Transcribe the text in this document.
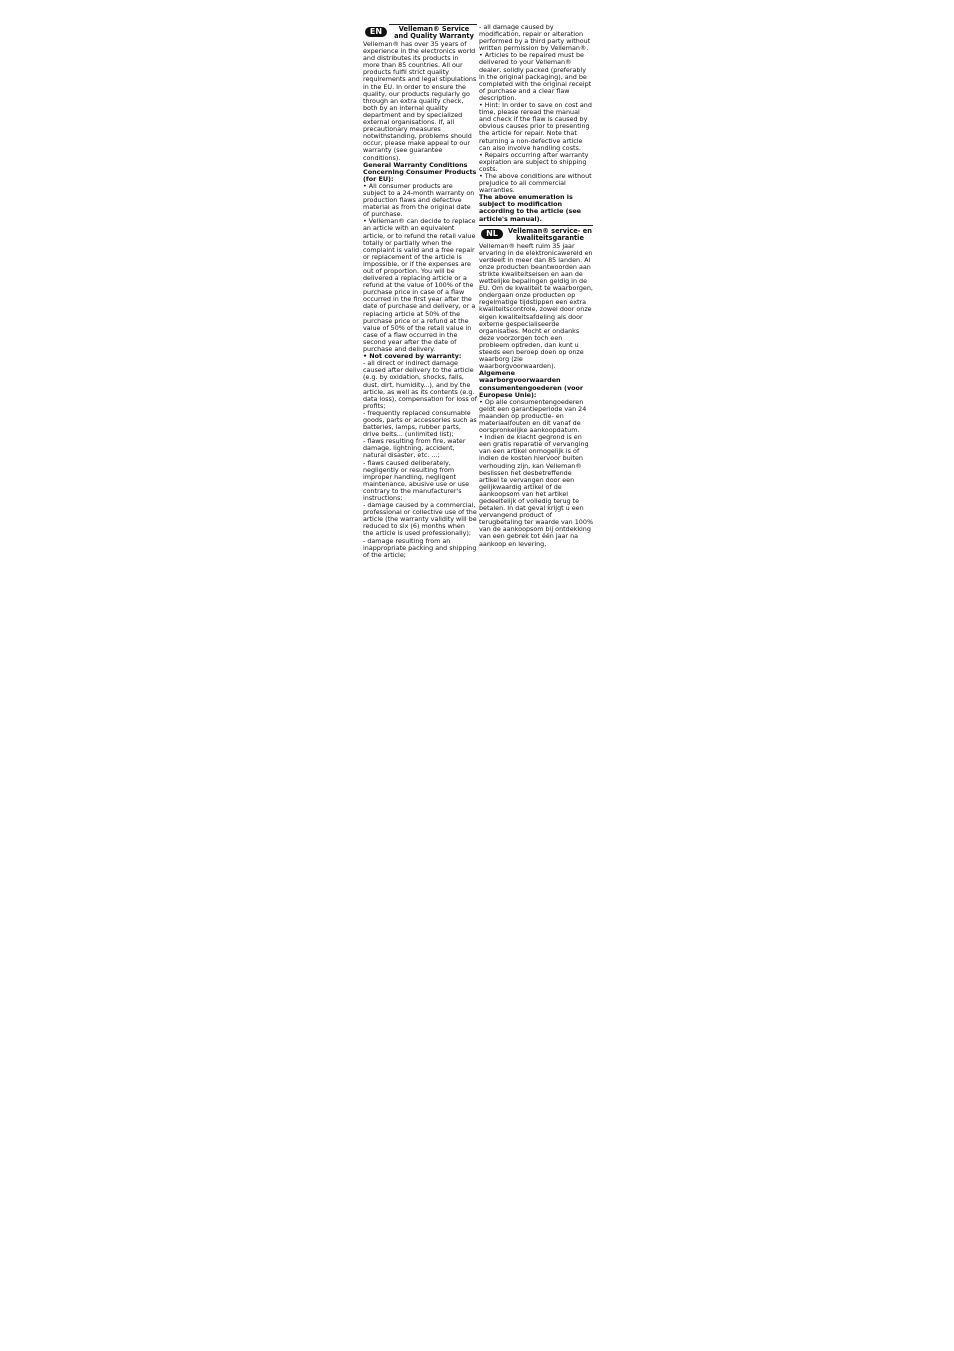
EN	Velleman® Service
and Quality Warranty

Velleman® has over 35 years of experience in the electronics world and distributes its products in more than 85 countries. All our products fulfil strict quality requirements and legal stipulations in the EU. In order to ensure the quality, our products regularly go through an extra quality check, both by an internal quality department and by specialized external organisations. If, all precautionary measures notwithstanding, problems should occur, please make appeal to our warranty (see guarantee conditions).

General Warranty Conditions Concerning Consumer Products (for EU):

• All consumer products are subject to a 24-month warranty on production flaws and defective material as from the original date of purchase.

• Velleman® can decide to replace an article with an equivalent article, or to refund the retail value totally or partially when the complaint is valid and a free repair or replacement of the article is impossible, or if the expenses are out of proportion. You will be delivered a replacing article or a refund at the value of 100% of the purchase price in case of a flaw occurred in the first year after the date of purchase and delivery, or a replacing article at 50% of the purchase price or a refund at the value of 50% of the retail value in case of a flaw occurred in the second year after the date of purchase and delivery.

• Not covered by warranty:

- all direct or indirect damage caused after delivery to the article (e.g. by oxidation, shocks, falls, dust, dirt, humidity...), and by the article, as well as its contents (e.g. data loss), compensation for loss of profits;

- frequently replaced consumable goods, parts or accessories such as batteries, lamps, rubber parts, drive belts... (unlimited list);

- flaws resulting from fire, water damage, lightning, accident, natural disaster, etc. ...;

- flaws caused deliberately, negligently or resulting from improper handling, negligent maintenance, abusive use or use contrary to the manufacturer's instructions;

- damage caused by a commercial, professional or collective use of the article (the warranty validity will be reduced to six (6) months when the article is used professionally);

- damage resulting from an inappropriate packing and shipping of the article;

- all damage caused by modification, repair or alteration performed by a third party without written permission by Velleman®.

• Articles to be repaired must be delivered to your Velleman® dealer, solidly packed (preferably in the original packaging), and be completed with the original receipt of purchase and a clear flaw description.

• Hint: In order to save on cost and time, please reread the manual and check if the flaw is caused by obvious causes prior to presenting the article for repair. Note that returning a non-defective article can also involve handling costs.

• Repairs occurring after warranty expiration are subject to shipping costs.

• The above conditions are without prejudice to all commercial warranties.

The above enumeration is subject to modification according to the article (see article's manual).

NL	Velleman® service- en
kwaliteitsgarantie

Velleman® heeft ruim 35 jaar ervaring in de elektronicawereld en verdeelt in meer dan 85 landen. Al onze producten beantwoorden aan strikte kwaliteitseisen en aan de wettelijke bepalingen geldig in de EU. Om de kwaliteit te waarborgen, ondergaan onze producten op regelmatige tijdstippen een extra kwaliteitscontrole, zowel door onze eigen kwaliteitsafdeling als door externe gespecialiseerde organisaties. Mocht er ondanks deze voorzorgen toch een probleem optreden, dan kunt u steeds een beroep doen op onze waarborg (zie waarborgvoorwaarden).

Algemene waarborgvoorwaarden consumentengoederen (voor Europese Unie):

• Op alle consumentengoederen geldt een garantieperiode van 24 maanden op productie- en materiaalfouten en dit vanaf de oorspronkelijke aankoopdatum.

• Indien de klacht gegrond is en een gratis reparatie of vervanging van een artikel onmogelijk is of indien de kosten hiervoor buiten verhouding zijn, kan Velleman® beslissen het desbetreffende artikel te vervangen door een gelijkwaardig artikel of de aankoopsom van het artikel gedeeltelijk of volledig terug te betalen. In dat geval krijgt u een vervangend product of terugbetaling ter waarde van 100% van de aankoopsom bij ontdekking van een gebrek tot één jaar na aankoop en levering,
